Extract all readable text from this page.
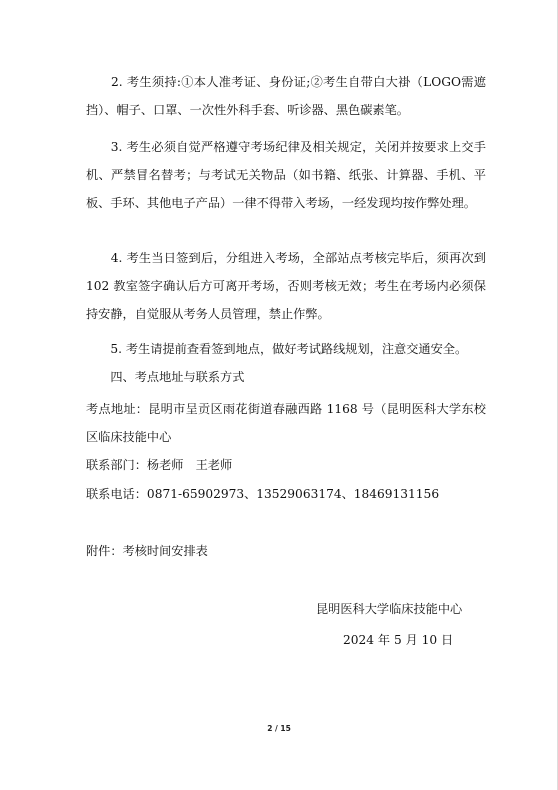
　　2. 考生须持:①本人准考证、身份证;②考生自带白大褂（LOGO需遮挡）、帽子、口罩、一次性外科手套、听诊器、黑色碳素笔。

　　3. 考生必须自觉严格遵守考场纪律及相关规定，关闭并按要求上交手机、严禁冒名替考；与考试无关物品（如书籍、纸张、计算器、手机、平板、手环、其他电子产品）一律不得带入考场，一经发现均按作弊处理。

　　4. 考生当日签到后，分组进入考场，全部站点考核完毕后，须再次到 102 教室签字确认后方可离开考场，否则考核无效；考生在考场内必须保持安静，自觉服从考务人员管理，禁止作弊。

　　5. 考生请提前查看签到地点，做好考试路线规划，注意交通安全。

　　四、考点地址与联系方式

考点地址：昆明市呈贡区雨花街道春融西路 1168 号（昆明医科大学东校区临床技能中心

联系部门：杨老师　王老师

联系电话：0871-65902973、13529063174、18469131156

附件：考核时间安排表

昆明医科大学临床技能中心

2024 年 5 月 10 日

2 / 15
